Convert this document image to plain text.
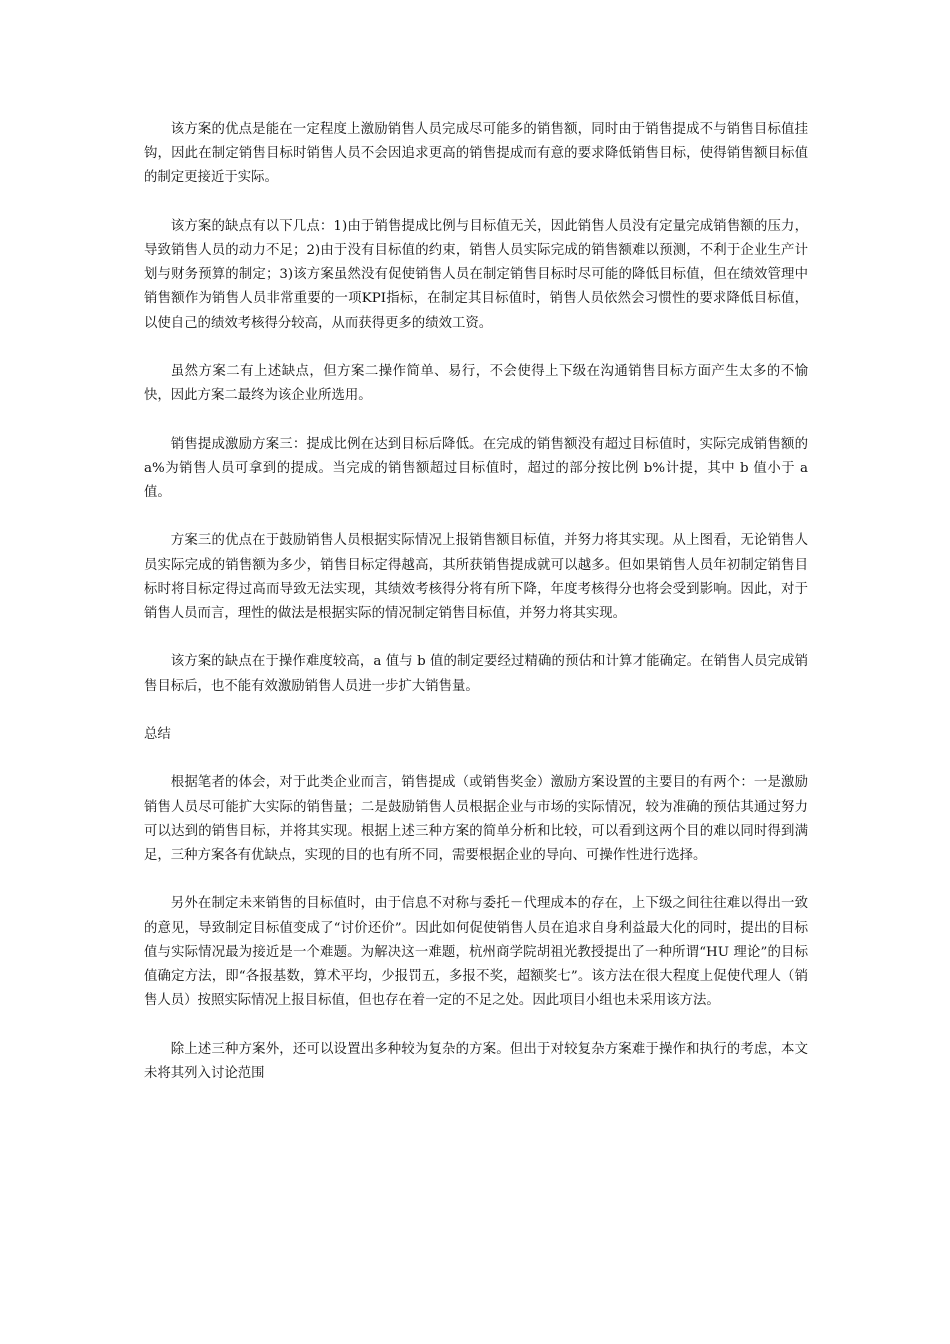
该方案的优点是能在一定程度上激励销售人员完成尽可能多的销售额，同时由于销售提成不与销售目标值挂钩，因此在制定销售目标时销售人员不会因追求更高的销售提成而有意的要求降低销售目标，使得销售额目标值的制定更接近于实际。

该方案的缺点有以下几点：1)由于销售提成比例与目标值无关，因此销售人员没有定量完成销售额的压力，导致销售人员的动力不足；2)由于没有目标值的约束，销售人员实际完成的销售额难以预测，不利于企业生产计划与财务预算的制定；3)该方案虽然没有促使销售人员在制定销售目标时尽可能的降低目标值，但在绩效管理中销售额作为销售人员非常重要的一项KPI指标，在制定其目标值时，销售人员依然会习惯性的要求降低目标值，以使自己的绩效考核得分较高，从而获得更多的绩效工资。

虽然方案二有上述缺点，但方案二操作简单、易行，不会使得上下级在沟通销售目标方面产生太多的不愉快，因此方案二最终为该企业所选用。

销售提成激励方案三：提成比例在达到目标后降低。在完成的销售额没有超过目标值时，实际完成销售额的 a%为销售人员可拿到的提成。当完成的销售额超过目标值时，超过的部分按比例 b%计提，其中 b 值小于 a 值。

方案三的优点在于鼓励销售人员根据实际情况上报销售额目标值，并努力将其实现。从上图看，无论销售人员实际完成的销售额为多少，销售目标定得越高，其所获销售提成就可以越多。但如果销售人员年初制定销售目标时将目标定得过高而导致无法实现，其绩效考核得分将有所下降，年度考核得分也将会受到影响。因此，对于销售人员而言，理性的做法是根据实际的情况制定销售目标值，并努力将其实现。

该方案的缺点在于操作难度较高，a 值与 b 值的制定要经过精确的预估和计算才能确定。在销售人员完成销售目标后，也不能有效激励销售人员进一步扩大销售量。

总结

根据笔者的体会，对于此类企业而言，销售提成（或销售奖金）激励方案设置的主要目的有两个：一是激励销售人员尽可能扩大实际的销售量；二是鼓励销售人员根据企业与市场的实际情况，较为准确的预估其通过努力可以达到的销售目标，并将其实现。根据上述三种方案的简单分析和比较，可以看到这两个目的难以同时得到满足，三种方案各有优缺点，实现的目的也有所不同，需要根据企业的导向、可操作性进行选择。

另外在制定未来销售的目标值时，由于信息不对称与委托－代理成本的存在，上下级之间往往难以得出一致的意见，导致制定目标值变成了“讨价还价”。因此如何促使销售人员在追求自身利益最大化的同时，提出的目标值与实际情况最为接近是一个难题。为解决这一难题，杭州商学院胡祖光教授提出了一种所谓“HU 理论”的目标值确定方法，即“各报基数，算术平均，少报罚五，多报不奖，超额奖七”。该方法在很大程度上促使代理人（销售人员）按照实际情况上报目标值，但也存在着一定的不足之处。因此项目小组也未采用该方法。

除上述三种方案外，还可以设置出多种较为复杂的方案。但出于对较复杂方案难于操作和执行的考虑，本文未将其列入讨论范围
